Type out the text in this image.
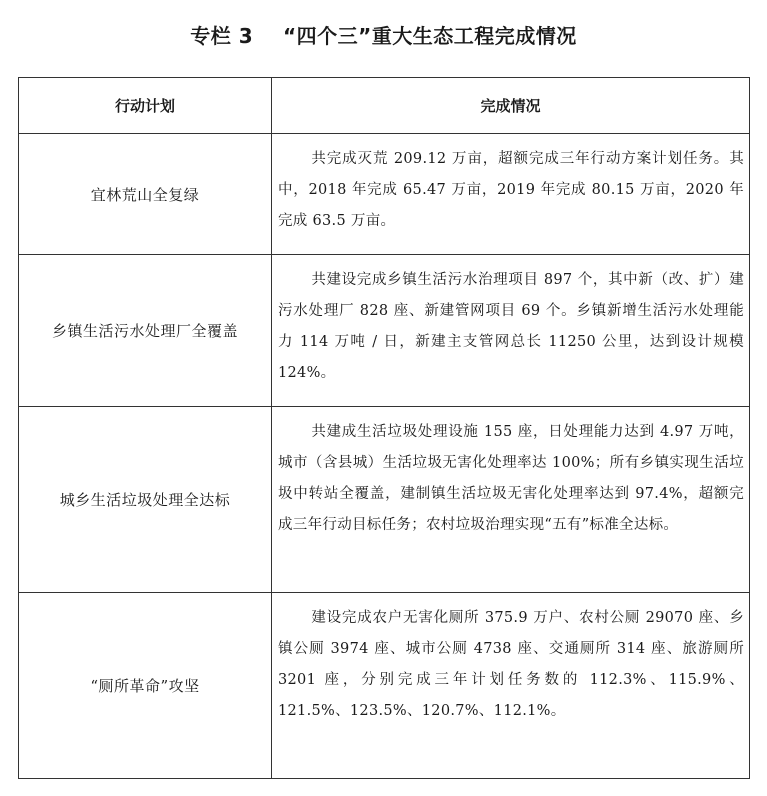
专栏 3    “四个三”重大生态工程完成情况
行动计划	完成情况
宜林荒山全复绿	共完成灭荒 209.12 万亩，超额完成三年行动方案计划任务。其中，2018 年完成 65.47 万亩，2019 年完成 80.15 万亩，2020 年完成 63.5 万亩。

乡镇生活污水处理厂全覆盖	共建设完成乡镇生活污水治理项目 897 个，其中新（改、扩）建污水处理厂 828 座、新建管网项目 69 个。乡镇新增生活污水处理能力 114 万吨 / 日，新建主支管网总长 11250 公里，达到设计规模 124%。

城乡生活垃圾处理全达标	共建成生活垃圾处理设施 155 座，日处理能力达到 4.97 万吨，城市（含县城）生活垃圾无害化处理率达 100%；所有乡镇实现生活垃圾中转站全覆盖，建制镇生活垃圾无害化处理率达到 97.4%，超额完成三年行动目标任务；农村垃圾治理实现“五有”标准全达标。

“厕所革命”攻坚	建设完成农户无害化厕所 375.9 万户、农村公厕 29070 座、乡镇公厕 3974 座、城市公厕 4738 座、交通厕所 314 座、旅游厕所 3201 座，分别完成三年计划任务数的 112.3%、115.9%、121.5%、123.5%、120.7%、112.1%。
